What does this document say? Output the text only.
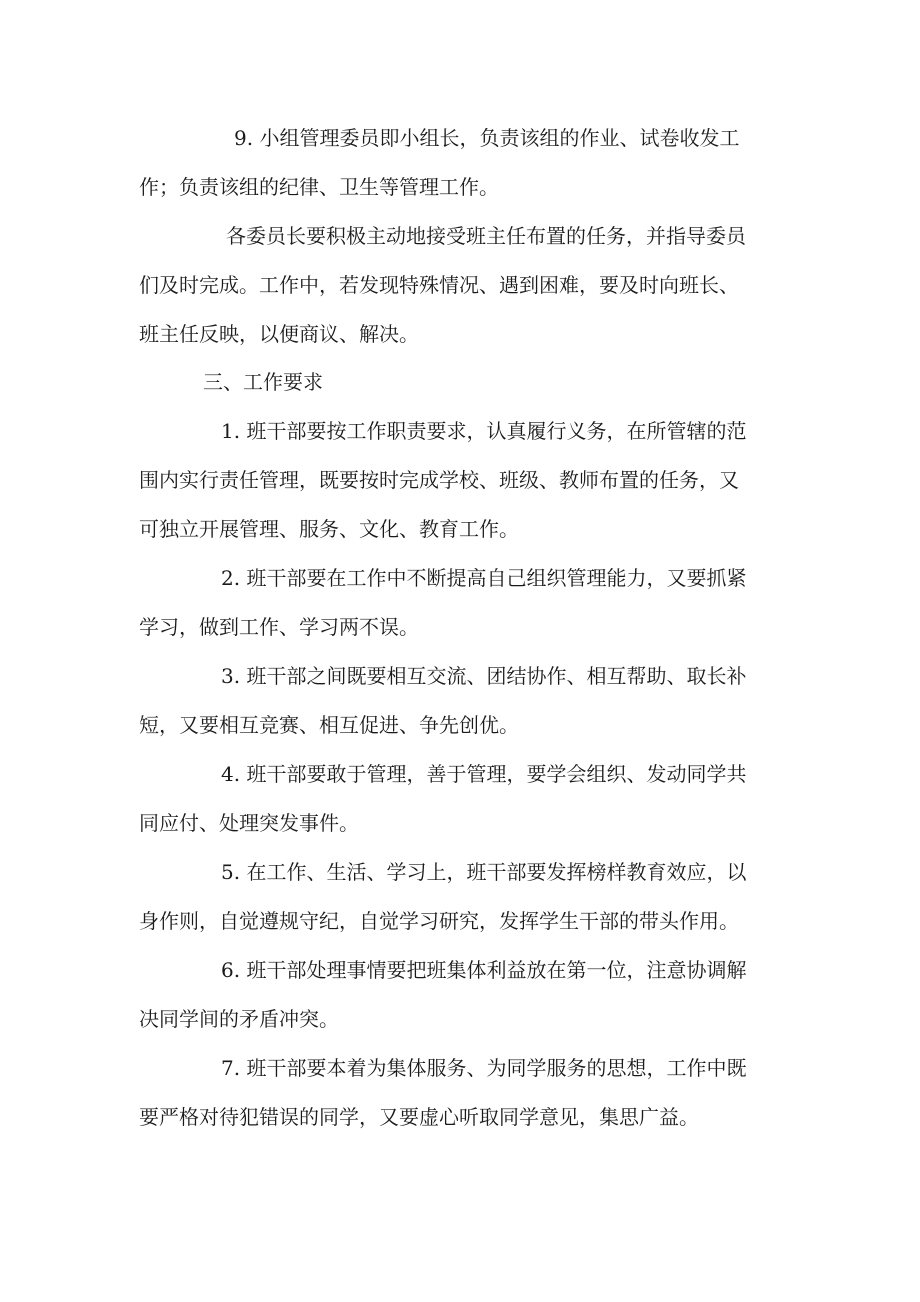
9. 小组管理委员即小组长，负责该组的作业、试卷收发工
作；负责该组的纪律、卫生等管理工作。
各委员长要积极主动地接受班主任布置的任务，并指导委员
们及时完成。工作中，若发现特殊情况、遇到困难，要及时向班长、
班主任反映，以便商议、解决。
三、工作要求
1. 班干部要按工作职责要求，认真履行义务，在所管辖的范
围内实行责任管理，既要按时完成学校、班级、教师布置的任务，又
可独立开展管理、服务、文化、教育工作。
2. 班干部要在工作中不断提高自己组织管理能力，又要抓紧
学习，做到工作、学习两不误。
3. 班干部之间既要相互交流、团结协作、相互帮助、取长补
短，又要相互竞赛、相互促进、争先创优。
4. 班干部要敢于管理，善于管理，要学会组织、发动同学共
同应付、处理突发事件。
5. 在工作、生活、学习上，班干部要发挥榜样教育效应，以
身作则，自觉遵规守纪，自觉学习研究，发挥学生干部的带头作用。
6. 班干部处理事情要把班集体利益放在第一位，注意协调解
决同学间的矛盾冲突。
7. 班干部要本着为集体服务、为同学服务的思想，工作中既
要严格对待犯错误的同学，又要虚心听取同学意见，集思广益。
